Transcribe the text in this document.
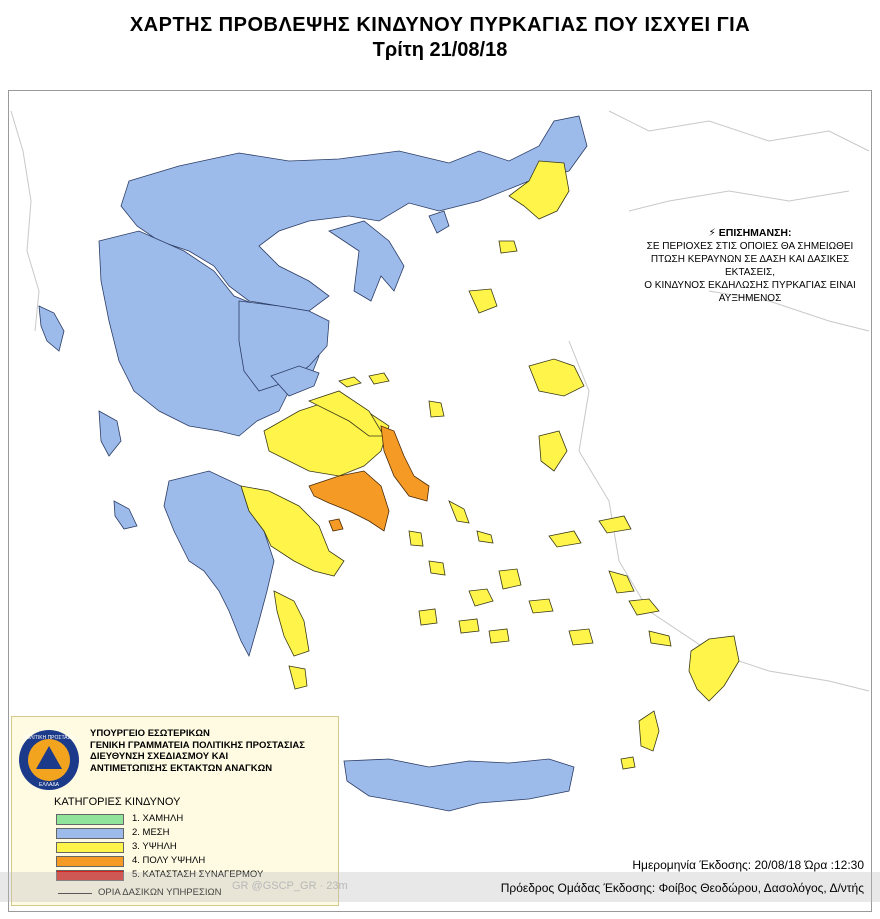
ΧΑΡΤΗΣ ΠΡΟΒΛΕΨΗΣ ΚΙΝΔΥΝΟΥ ΠΥΡΚΑΓΙΑΣ ΠΟΥ ΙΣΧΥΕΙ ΓΙΑ
Τρίτη 21/08/18
⚡ ΕΠΙΣΗΜΑΝΣΗ:
ΣΕ ΠΕΡΙΟΧΕΣ ΣΤΙΣ ΟΠΟΙΕΣ ΘΑ ΣΗΜΕΙΩΘΕΙ
ΠΤΩΣΗ ΚΕΡΑΥΝΩΝ ΣΕ ΔΑΣΗ ΚΑΙ ΔΑΣΙΚΕΣ ΕΚΤΑΣΕΙΣ,
Ο ΚΙΝΔΥΝΟΣ ΕΚΔΗΛΩΣΗΣ ΠΥΡΚΑΓΙΑΣ ΕΙΝΑΙ ΑΥΞΗΜΕΝΟΣ
ΠΟΛΙΤΙΚΗ ΠΡΟΣΤΑΣΙΑ
ΕΛΛΑΔΑ
ΥΠΟΥΡΓΕΙΟ ΕΣΩΤΕΡΙΚΩΝ
ΓΕΝΙΚΗ ΓΡΑΜΜΑΤΕΙΑ ΠΟΛΙΤΙΚΗΣ ΠΡΟΣΤΑΣΙΑΣ
ΔΙΕΥΘΥΝΣΗ ΣΧΕΔΙΑΣΜΟΥ ΚΑΙ
ΑΝΤΙΜΕΤΩΠΙΣΗΣ ΕΚΤΑΚΤΩΝ ΑΝΑΓΚΩΝ
ΚΑΤΗΓΟΡΙΕΣ ΚΙΝΔΥΝΟΥ
1. ΧΑΜΗΛΗ
2. ΜΕΣΗ
3. ΥΨΗΛΗ
4. ΠΟΛΥ ΥΨΗΛΗ
5. ΚΑΤΑΣΤΑΣΗ ΣΥΝΑΓΕΡΜΟΥ
ΟΡΙΑ ΔΑΣΙΚΩΝ ΥΠΗΡΕΣΙΩΝ
GR @GSCP_GR · 23m
Ημερομηνία Έκδοσης: 20/08/18 Ώρα :12:30
Πρόεδρος Ομάδας Έκδοσης: Φοίβος Θεοδώρου, Δασολόγος, Δ/ντής
